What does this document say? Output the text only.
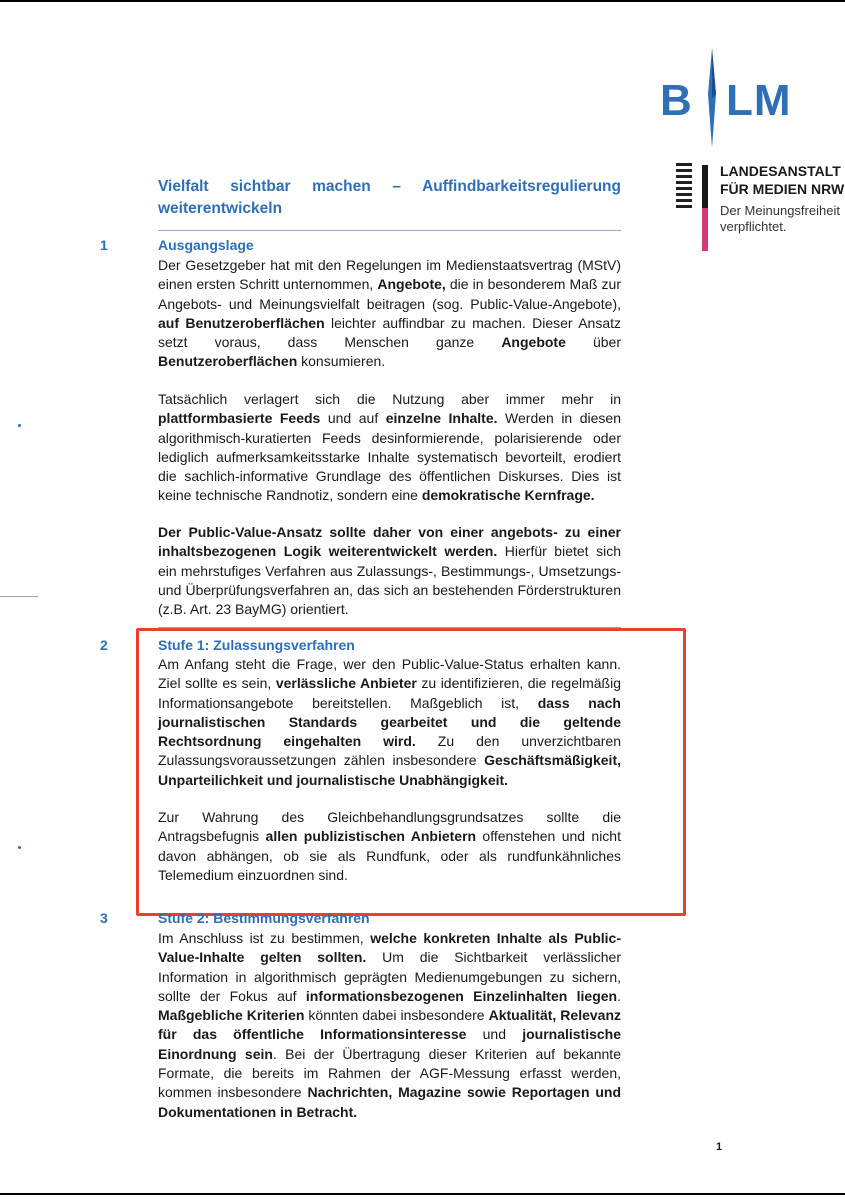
B LM
LANDESANSTALT
FÜR MEDIEN NRW
Der Meinungsfreiheit
verpflichtet.
Vielfalt sichtbar machen – Auffindbarkeitsregulierung weiterentwickeln
1	Ausgangslage

Der Gesetzgeber hat mit den Regelungen im Medienstaatsvertrag (MStV) einen ersten Schritt unternommen, Angebote, die in besonderem Maß zur Angebots- und Meinungsvielfalt beitragen (sog. Public-Value-Angebote), auf Benutzeroberflächen leichter auffindbar zu machen. Dieser Ansatz setzt voraus, dass Menschen ganze Angebote über Benutzeroberflächen konsumieren.

Tatsächlich verlagert sich die Nutzung aber immer mehr in plattformbasierte Feeds und auf einzelne Inhalte. Werden in diesen algorithmisch-kuratierten Feeds desinformierende, polarisierende oder lediglich aufmerksamkeitsstarke Inhalte systematisch bevorteilt, erodiert die sachlich-informative Grundlage des öffentlichen Diskurses. Dies ist keine technische Randnotiz, sondern eine demokratische Kernfrage.

Der Public-Value-Ansatz sollte daher von einer angebots- zu einer inhaltsbezogenen Logik weiterentwickelt werden. Hierfür bietet sich ein mehrstufiges Verfahren aus Zulassungs-, Bestimmungs-, Umsetzungs- und Überprüfungsverfahren an, das sich an bestehenden Förderstrukturen (z.B. Art. 23 BayMG) orientiert.

2	Stufe 1: Zulassungsverfahren

Am Anfang steht die Frage, wer den Public-Value-Status erhalten kann. Ziel sollte es sein, verlässliche Anbieter zu identifizieren, die regelmäßig Informationsangebote bereitstellen. Maßgeblich ist, dass nach journalistischen Standards gearbeitet und die geltende Rechtsordnung eingehalten wird. Zu den unverzichtbaren Zulassungsvoraussetzungen zählen insbesondere Geschäftsmäßigkeit, Unparteilichkeit und journalistische Unabhängigkeit.

Zur Wahrung des Gleichbehandlungsgrundsatzes sollte die Antragsbefugnis allen publizistischen Anbietern offenstehen und nicht davon abhängen, ob sie als Rundfunk, oder als rundfunkähnliches Telemedium einzuordnen sind.

3	Stufe 2: Bestimmungsverfahren

Im Anschluss ist zu bestimmen, welche konkreten Inhalte als Public-Value-Inhalte gelten sollten. Um die Sichtbarkeit verlässlicher Information in algorithmisch geprägten Medienumgebungen zu sichern, sollte der Fokus auf informationsbezogenen Einzelinhalten liegen. Maßgebliche Kriterien könnten dabei insbesondere Aktualität, Relevanz für das öffentliche Informationsinteresse und journalistische Einordnung sein. Bei der Übertragung dieser Kriterien auf bekannte Formate, die bereits im Rahmen der AGF-Messung erfasst werden, kommen insbesondere Nachrichten, Magazine sowie Reportagen und Dokumentationen in Betracht.

1
